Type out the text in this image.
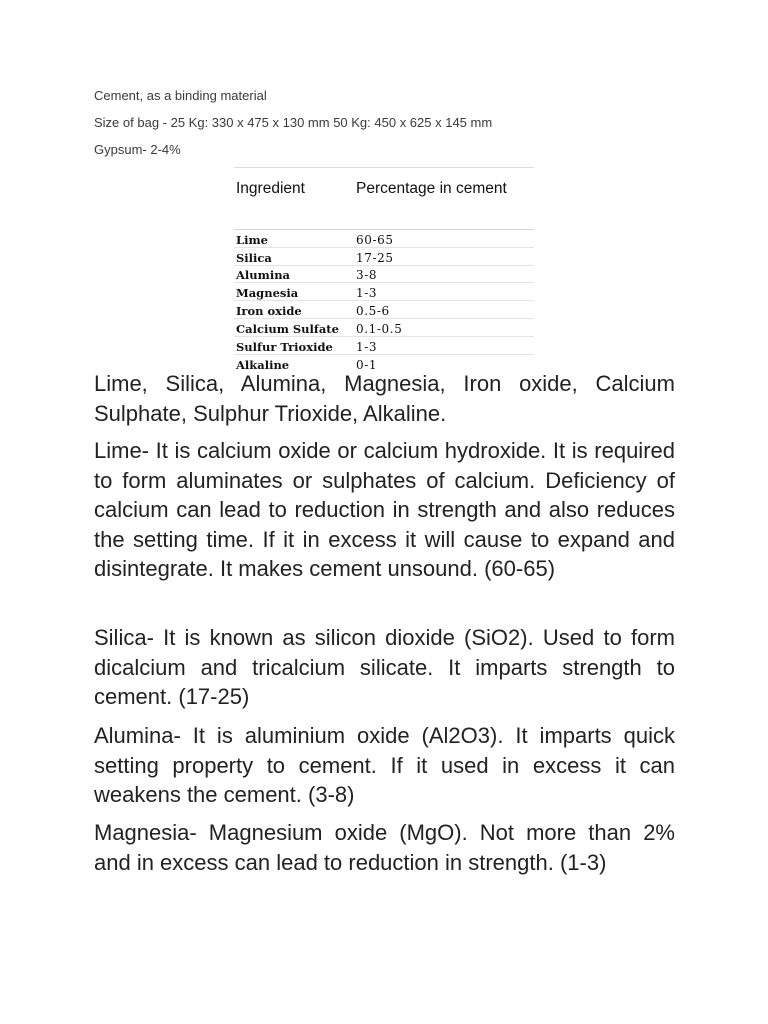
Cement, as a binding material
Size of bag - 25 Kg: 330 x 475 x 130 mm 50 Kg: 450 x 625 x 145 mm
Gypsum- 2-4%
Ingredient	Percentage in cement
Lime	60-65
Silica	17-25
Alumina	3-8
Magnesia	1-3
Iron oxide	0.5-6
Calcium Sulfate	0.1-0.5
Sulfur Trioxide	1-3
Alkaline	0-1

Lime, Silica, Alumina, Magnesia, Iron oxide, Calcium Sulphate, Sulphur Trioxide, Alkaline.

Lime- It is calcium oxide or calcium hydroxide. It is required to form aluminates or sulphates of calcium. Deficiency of calcium can lead to reduction in strength and also reduces the setting time. If it in excess it will cause to expand and disintegrate. It makes cement unsound. (60-65)

Silica- It is known as silicon dioxide (SiO2). Used to form dicalcium and tricalcium silicate. It imparts strength to cement. (17-25)

Alumina- It is aluminium oxide (Al2O3). It imparts quick setting property to cement. If it used in excess it can weakens the cement. (3-8)

Magnesia- Magnesium oxide (MgO). Not more than 2% and in excess can lead to reduction in strength. (1-3)
